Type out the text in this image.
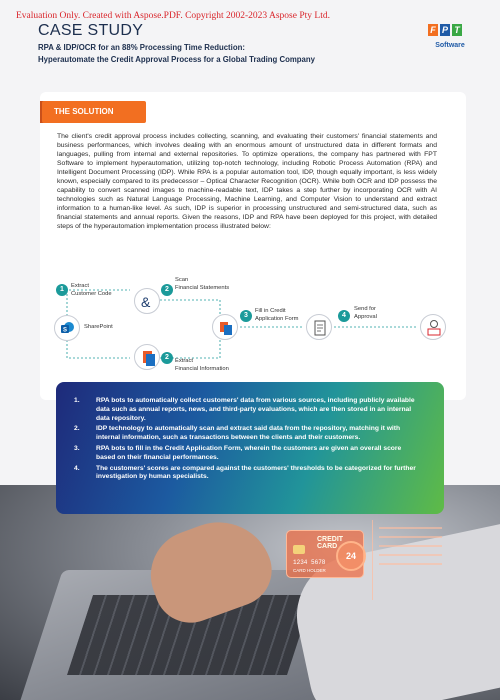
Evaluation Only. Created with Aspose.PDF. Copyright 2002-2023 Aspose Pty Ltd.
CASE STUDY
RPA & IDP/OCR for an 88% Processing Time Reduction:
Hyperautomate the Credit Approval Process for a Global Trading Company
F P T
Software
THE SOLUTION
The client's credit approval process includes collecting, scanning, and evaluating their customers' financial statements and business performances, which involves dealing with an enormous amount of unstructured data in different formats and languages, pulling from internal and external repositories. To optimize operations, the company has partnered with FPT Software to implement hyperautomation, utilizing top-notch technology, including Robotic Process Automation (RPA) and Intelligent Document Processing (IDP). While RPA is a popular automation tool, IDP, though equally important, is less widely known, especially compared to its predecessor – Optical Character Recognition (OCR). While both OCR and IDP possess the capability to convert scanned images to machine-readable text, IDP takes a step further by incorporating OCR with AI technologies such as Natural Language Processing, Machine Learning, and Computer Vision to understand and extract information to a human-like level. As such, IDP is superior in processing unstructured and semi-structured data, such as financial statements and annual reports. Given the reasons, IDP and RPA have been deployed for this project, with detailed steps of the hyperautomation implementation process illustrated below:
S
SharePoint
1	Extract
Customer Code
&
2
Scan
Financial Statements
2	Extract
Financial Information
3
Fill in Credit
Application Form	4
Send for
Approval
CREDIT CARD
1234 5678
CARD HOLDER
24
1.	RPA bots to automatically collect customers' data from various sources, including publicly available data such as annual reports, news, and third-party evaluations, which are then stored in an internal data repository.
2.	IDP technology to automatically scan and extract said data from the repository, matching it with internal information, such as transactions between the clients and their customers.
3.	RPA bots to fill in the Credit Application Form, wherein the customers are given an overall score based on their financial performances.
4.	The customers' scores are compared against the customers' thresholds to be categorized for further investigation by human specialists.
